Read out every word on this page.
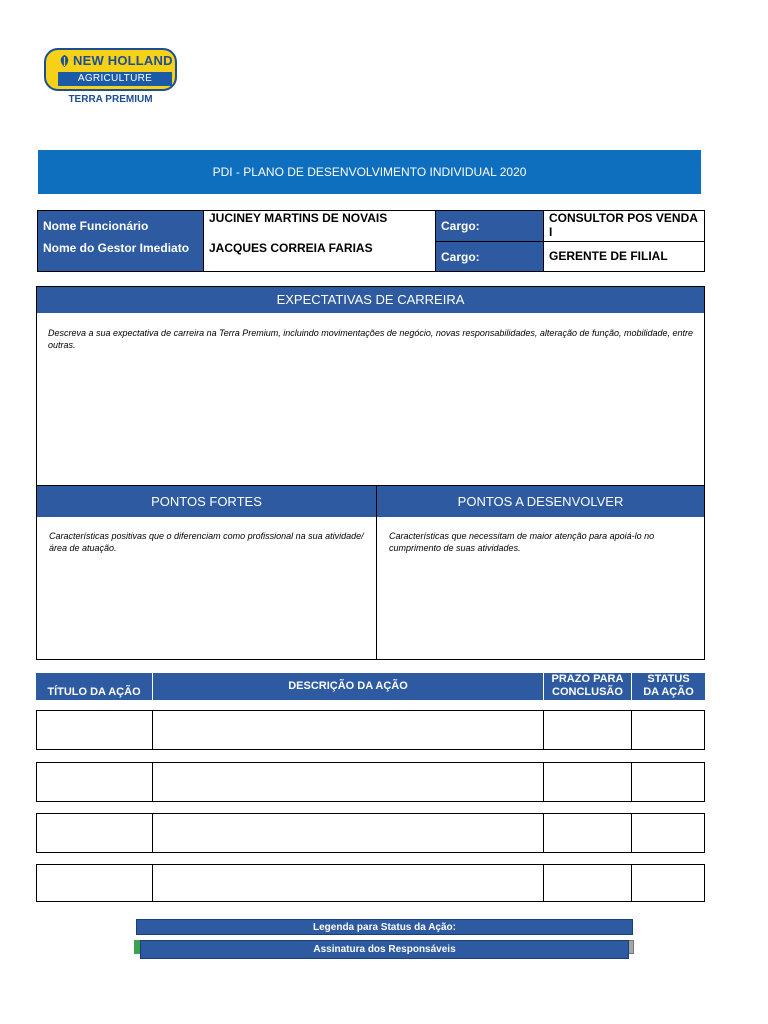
NEW HOLLAND
AGRICULTURE
TERRA PREMIUM
PDI - PLANO DE DESENVOLVIMENTO INDIVIDUAL 2020
Nome Funcionário
Nome do Gestor Imediato
JUCINEY MARTINS DE NOVAIS
JACQUES CORREIA FARIAS
Cargo:
Cargo:
CONSULTOR POS VENDA I
GERENTE DE FILIAL
EXPECTATIVAS DE CARREIRA
Descreva a sua expectativa de carreira na Terra Premium, incluindo movimentações de negócio, novas responsabilidades, alteração de função, mobilidade, entre outras.
PONTOS FORTES	PONTOS A DESENVOLVER
Características positivas que o diferenciam como profissional na sua atividade/área de atuação.
Características que necessitam de maior atenção para apoiá-lo no cumprimento de suas atividades.
TÍTULO DA AÇÃO	DESCRIÇÃO DA AÇÃO
PRAZO PARA CONCLUSÃO
STATUS DA AÇÃO
Legenda para Status da Ação:
Assinatura dos Responsáveis
